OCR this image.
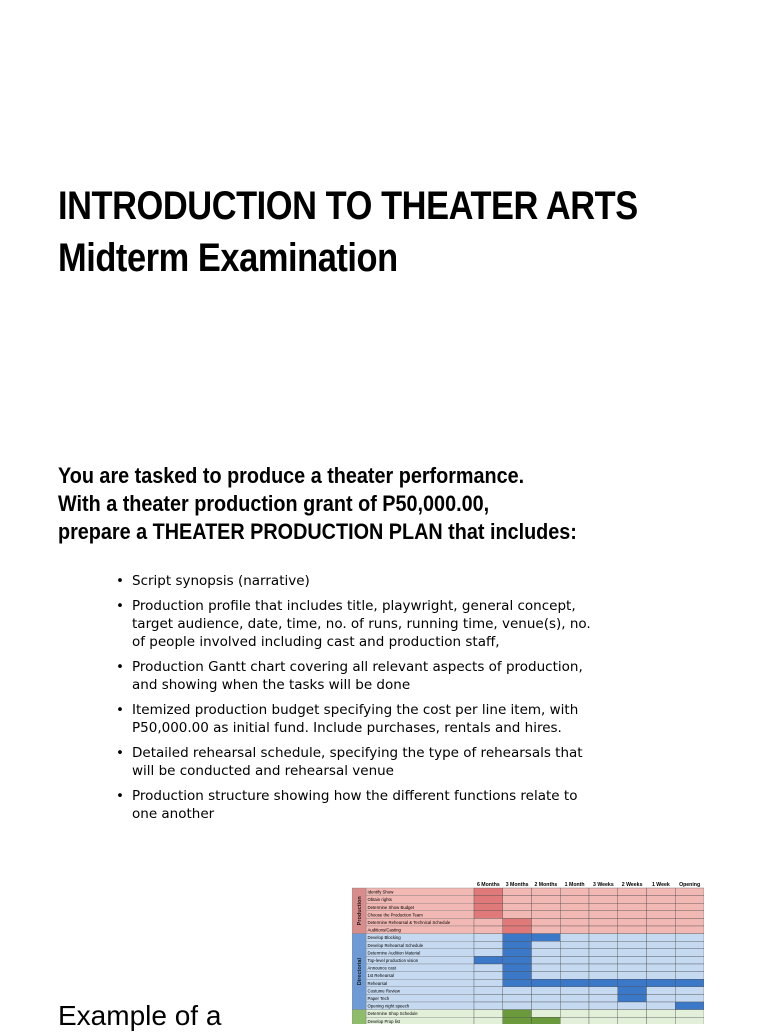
INTRODUCTION TO THEATER ARTS
Midterm Examination

You are tasked to produce a theater performance.
With a theater production grant of P50,000.00,
prepare a THEATER PRODUCTION PLAN that includes:

• Script synopsis (narrative)
• Production profile that includes title, playwright, general concept, target audience, date, time, no. of runs, running time, venue(s), no. of people involved including cast and production staff,
• Production Gantt chart covering all relevant aspects of production, and showing when the tasks will be done
• Itemized production budget specifying the cost per line item, with P50,000.00 as initial fund. Include purchases, rentals and hires.
• Detailed rehearsal schedule, specifying the type of rehearsals that will be conducted and rehearsal venue
• Production structure showing how the different functions relate to one another
6 Months 3 Months 2 Months 1 Month 3 Weeks 2 Weeks 1 Week Opening
Identify Show
Obtain rights
Determine Show Budget
Choose the Production Team
Determine Rehearsal & Technical Schedule
Auditions/Casting
Production
Develop Blocking
Develop Rehearsal Schedule
Determine Audition Material
Top-level production vision
Announce cast
1st Rehearsal
Rehearsal
Costume Review
Paper Tech
Opening night speech
Directorial
Determine Shop Schedule
Develop Prop list
Example of a
